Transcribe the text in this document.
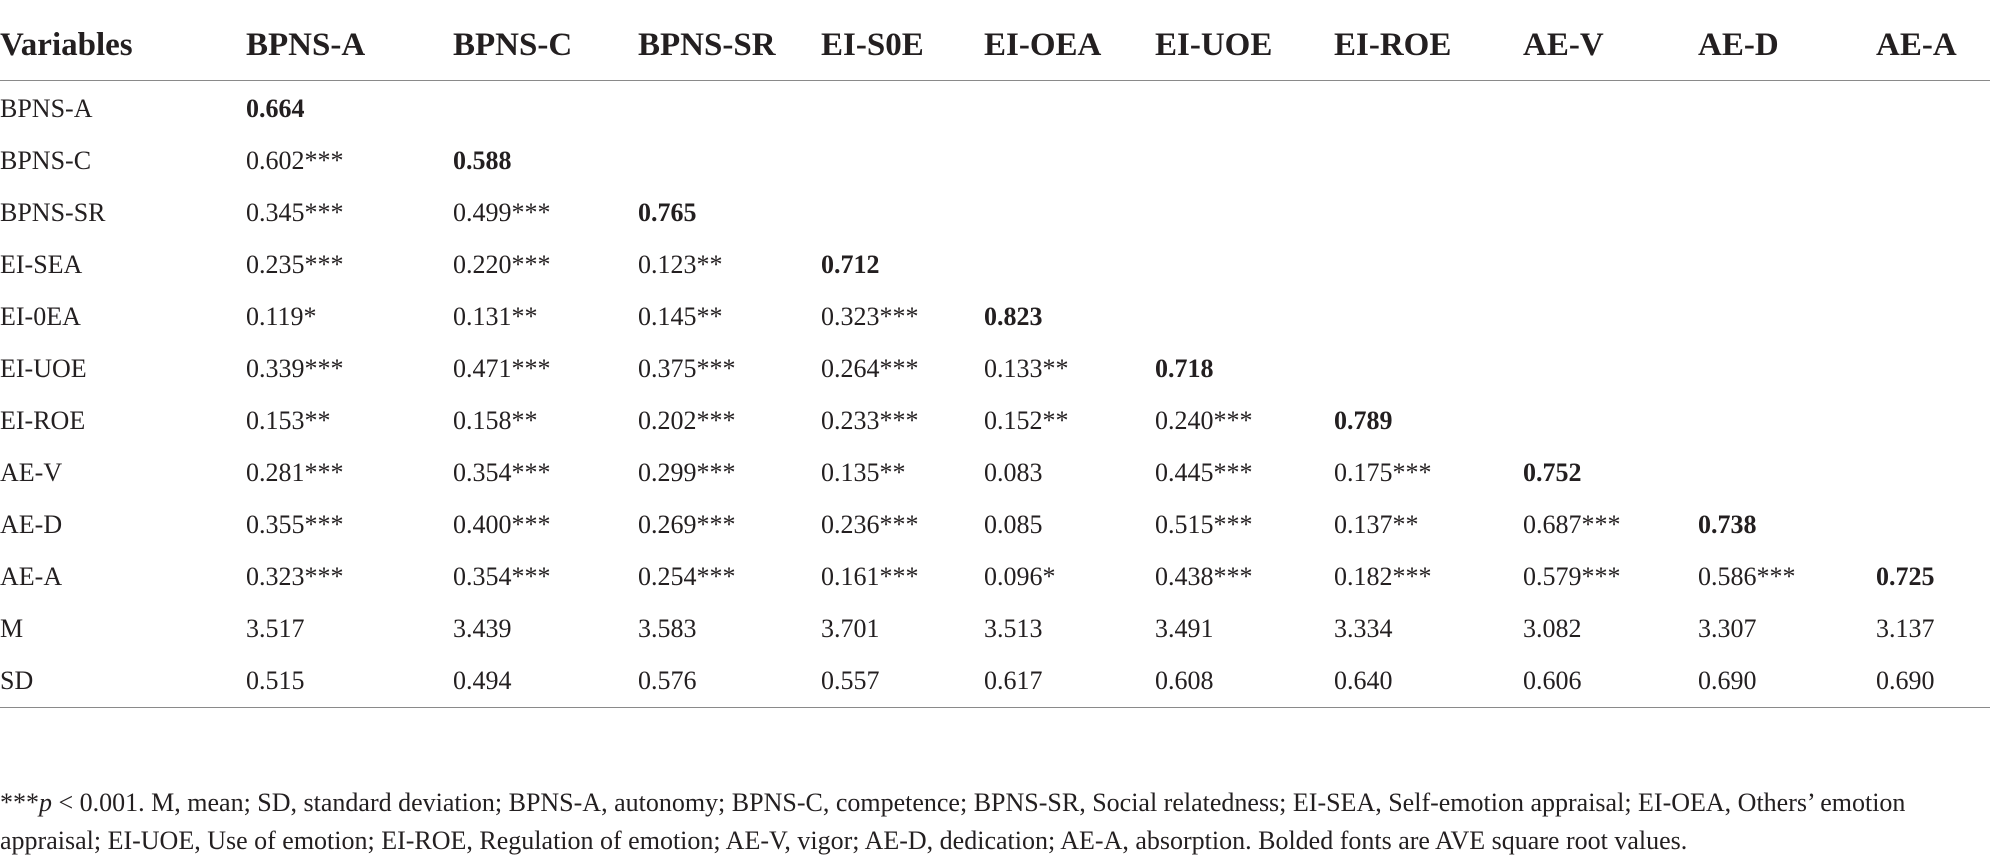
Variables	BPNS-A	BPNS-C	BPNS-SR	EI-S0E	EI-OEA	EI-UOE	EI-ROE	AE-V	AE-D	AE-A
BPNS-A	0.664									
BPNS-C	0.602***	0.588								
BPNS-SR	0.345***	0.499***	0.765							
EI-SEA	0.235***	0.220***	0.123**	0.712						
EI-0EA	0.119*	0.131**	0.145**	0.323***	0.823					
EI-UOE	0.339***	0.471***	0.375***	0.264***	0.133**	0.718				
EI-ROE	0.153**	0.158**	0.202***	0.233***	0.152**	0.240***	0.789			
AE-V	0.281***	0.354***	0.299***	0.135**	0.083	0.445***	0.175***	0.752		
AE-D	0.355***	0.400***	0.269***	0.236***	0.085	0.515***	0.137**	0.687***	0.738	
AE-A	0.323***	0.354***	0.254***	0.161***	0.096*	0.438***	0.182***	0.579***	0.586***	0.725
M	3.517	3.439	3.583	3.701	3.513	3.491	3.334	3.082	3.307	3.137
SD	0.515	0.494	0.576	0.557	0.617	0.608	0.640	0.606	0.690	0.690
***p < 0.001. M, mean; SD, standard deviation; BPNS-A, autonomy; BPNS-C, competence; BPNS-SR, Social relatedness; EI-SEA, Self-emotion appraisal; EI-OEA, Others’ emotion appraisal; EI-UOE, Use of emotion; EI-ROE, Regulation of emotion; AE-V, vigor; AE-D, dedication; AE-A, absorption. Bolded fonts are AVE square root values.
